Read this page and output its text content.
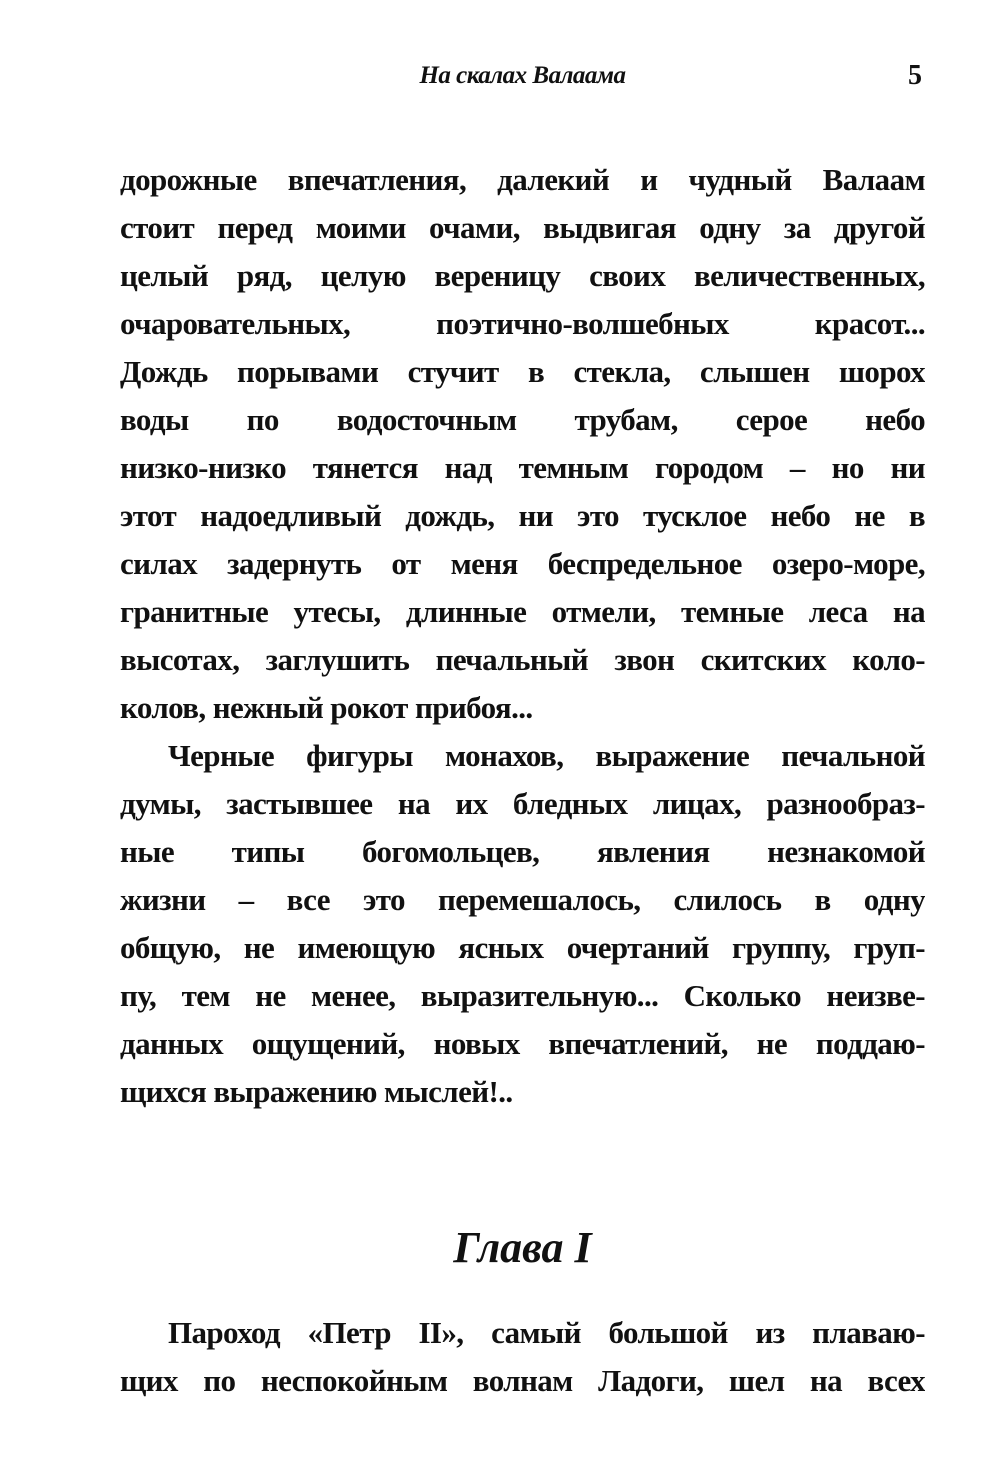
На скалах Валаама	5
дорожные впечатления, далекий и чудный Валаам
стоит перед моими очами, выдвигая одну за другой
целый ряд, целую вереницу своих величественных,
очаровательных, поэтично-волшебных красот...
Дождь порывами стучит в стекла, слышен шорох
воды по водосточным трубам, серое небо
низко-низко тянется над темным городом – но ни
этот надоедливый дождь, ни это тусклое небо не в
силах задернуть от меня беспредельное озеро-море,
гранитные утесы, длинные отмели, темные леса на
высотах, заглушить печальный звон скитских коло-
колов, нежный рокот прибоя...
Черные фигуры монахов, выражение печальной
думы, застывшее на их бледных лицах, разнообраз-
ные типы богомольцев, явления незнакомой
жизни – все это перемешалось, слилось в одну
общую, не имеющую ясных очертаний группу, груп-
пу, тем не менее, выразительную... Сколько неизве-
данных ощущений, новых впечатлений, не поддаю-
щихся выражению мыслей!..
Глава I
Пароход «Петр II», самый большой из плаваю-
щих по неспокойным волнам Ладоги, шел на всех
